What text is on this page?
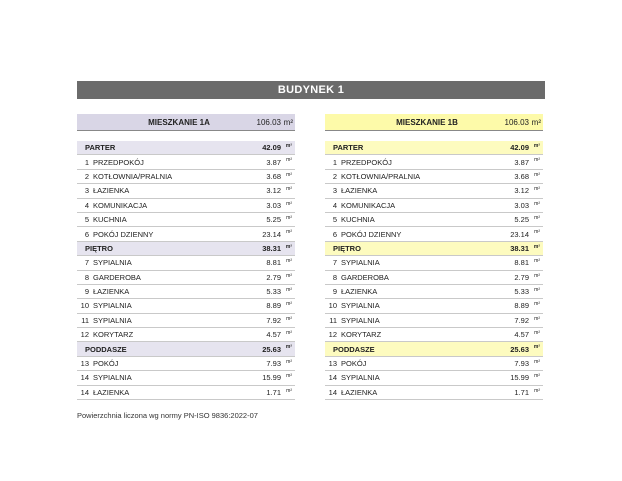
BUDYNEK 1
MIESZKANIE 1A	106.03 m²
PARTER	42.09 m²
1 PRZEDPOKÓJ	3.87	m²
2 KOTŁOWNIA/PRALNIA	3.68	m²
3 ŁAZIENKA	3.12	m²
4 KOMUNIKACJA	3.03	m²
5 KUCHNIA	5.25	m²
6 POKÓJ DZIENNY	23.14	m²
PIĘTRO	38.31 m²
7 SYPIALNIA	8.81	m²
8 GARDEROBA	2.79	m²
9 ŁAZIENKA	5.33	m²
10 SYPIALNIA	8.89	m²
11 SYPIALNIA	7.92	m²
12 KORYTARZ	4.57	m²
PODDASZE	25.63 m²
13 POKÓJ	7.93	m²
14 SYPIALNIA	15.99	m²
14 ŁAZIENKA	1.71	m²
MIESZKANIE 1B	106.03 m²
PARTER	42.09 m²
1 PRZEDPOKÓJ	3.87	m²
2 KOTŁOWNIA/PRALNIA	3.68	m²
3 ŁAZIENKA	3.12	m²
4 KOMUNIKACJA	3.03	m²
5 KUCHNIA	5.25	m²
6 POKÓJ DZIENNY	23.14	m²
PIĘTRO	38.31 m²
7 SYPIALNIA	8.81	m²
8 GARDEROBA	2.79	m²
9 ŁAZIENKA	5.33	m²
10 SYPIALNIA	8.89	m²
11 SYPIALNIA	7.92	m²
12 KORYTARZ	4.57	m²
PODDASZE	25.63 m²
13 POKÓJ	7.93	m²
14 SYPIALNIA	15.99	m²
14 ŁAZIENKA	1.71	m²
Powierzchnia liczona wg normy PN-ISO 9836:2022-07
